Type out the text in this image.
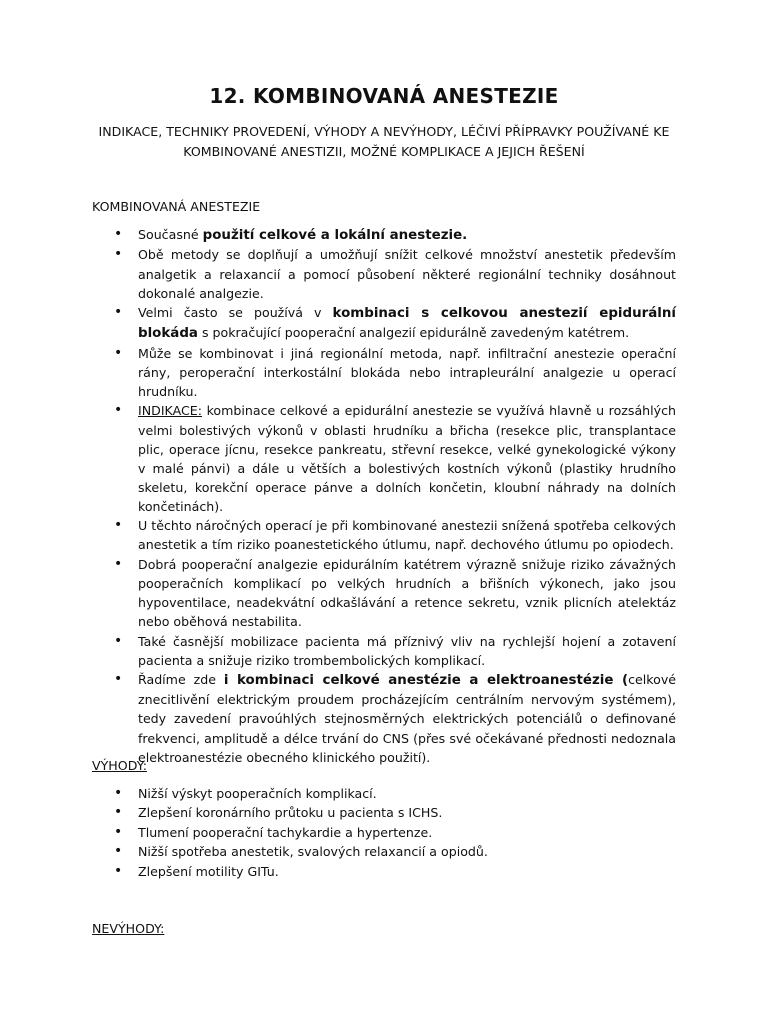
12. KOMBINOVANÁ ANESTEZIE
INDIKACE, TECHNIKY PROVEDENÍ, VÝHODY A NEVÝHODY, LÉČIVÍ PŘÍPRAVKY POUŽÍVANÉ KE KOMBINOVANÉ ANESTIZII, MOŽNÉ KOMPLIKACE A JEJICH ŘEŠENÍ
KOMBINOVANÁ ANESTEZIE
• Současné použití celkové a lokální anestezie.
• Obě metody se doplňují a umožňují snížit celkové množství anestetik především analgetik a relaxancií a pomocí působení některé regionální techniky dosáhnout dokonalé analgezie.
• Velmi často se používá v kombinaci s celkovou anestezií epidurální blokáda s pokračující pooperační analgezií epidurálně zavedeným katétrem.
• Může se kombinovat i jiná regionální metoda, např. infiltrační anestezie operační rány, peroperační interkostální blokáda nebo intrapleurální analgezie u operací hrudníku.
• INDIKACE: kombinace celkové a epidurální anestezie se využívá hlavně u rozsáhlých velmi bolestivých výkonů v oblasti hrudníku a břicha (resekce plic, transplantace plic, operace jícnu, resekce pankreatu, střevní resekce, velké gynekologické výkony v malé pánvi) a dále u větších a bolestivých kostních výkonů (plastiky hrudního skeletu, korekční operace pánve a dolních končetin, kloubní náhrady na dolních končetinách).
• U těchto náročných operací je při kombinované anestezii snížená spotřeba celkových anestetik a tím riziko poanestetického útlumu, např. dechového útlumu po opiodech.
• Dobrá pooperační analgezie epidurálním katétrem výrazně snižuje riziko závažných pooperačních komplikací po velkých hrudních a břišních výkonech, jako jsou hypoventilace, neadekvátní odkašlávání a retence sekretu, vznik plicních atelektáz nebo oběhová nestabilita.
• Také časnější mobilizace pacienta má příznivý vliv na rychlejší hojení a zotavení pacienta a snižuje riziko trombembolických komplikací.
• Řadíme zde i kombinaci celkové anestézie a elektroanestézie (celkové znecitlivění elektrickým proudem procházejícím centrálním nervovým systémem), tedy zavedení pravoúhlých stejnosměrných elektrických potenciálů o definované frekvenci, amplitudě a délce trvání do CNS (přes své očekávané přednosti nedoznala elektroanestézie obecného klinického použití).
VÝHODY:
• Nižší výskyt pooperačních komplikací.
• Zlepšení koronárního průtoku u pacienta s ICHS.
• Tlumení pooperační tachykardie a hypertenze.
• Nižší spotřeba anestetik, svalových relaxancií a opiodů.
• Zlepšení motility GITu.
NEVÝHODY:
